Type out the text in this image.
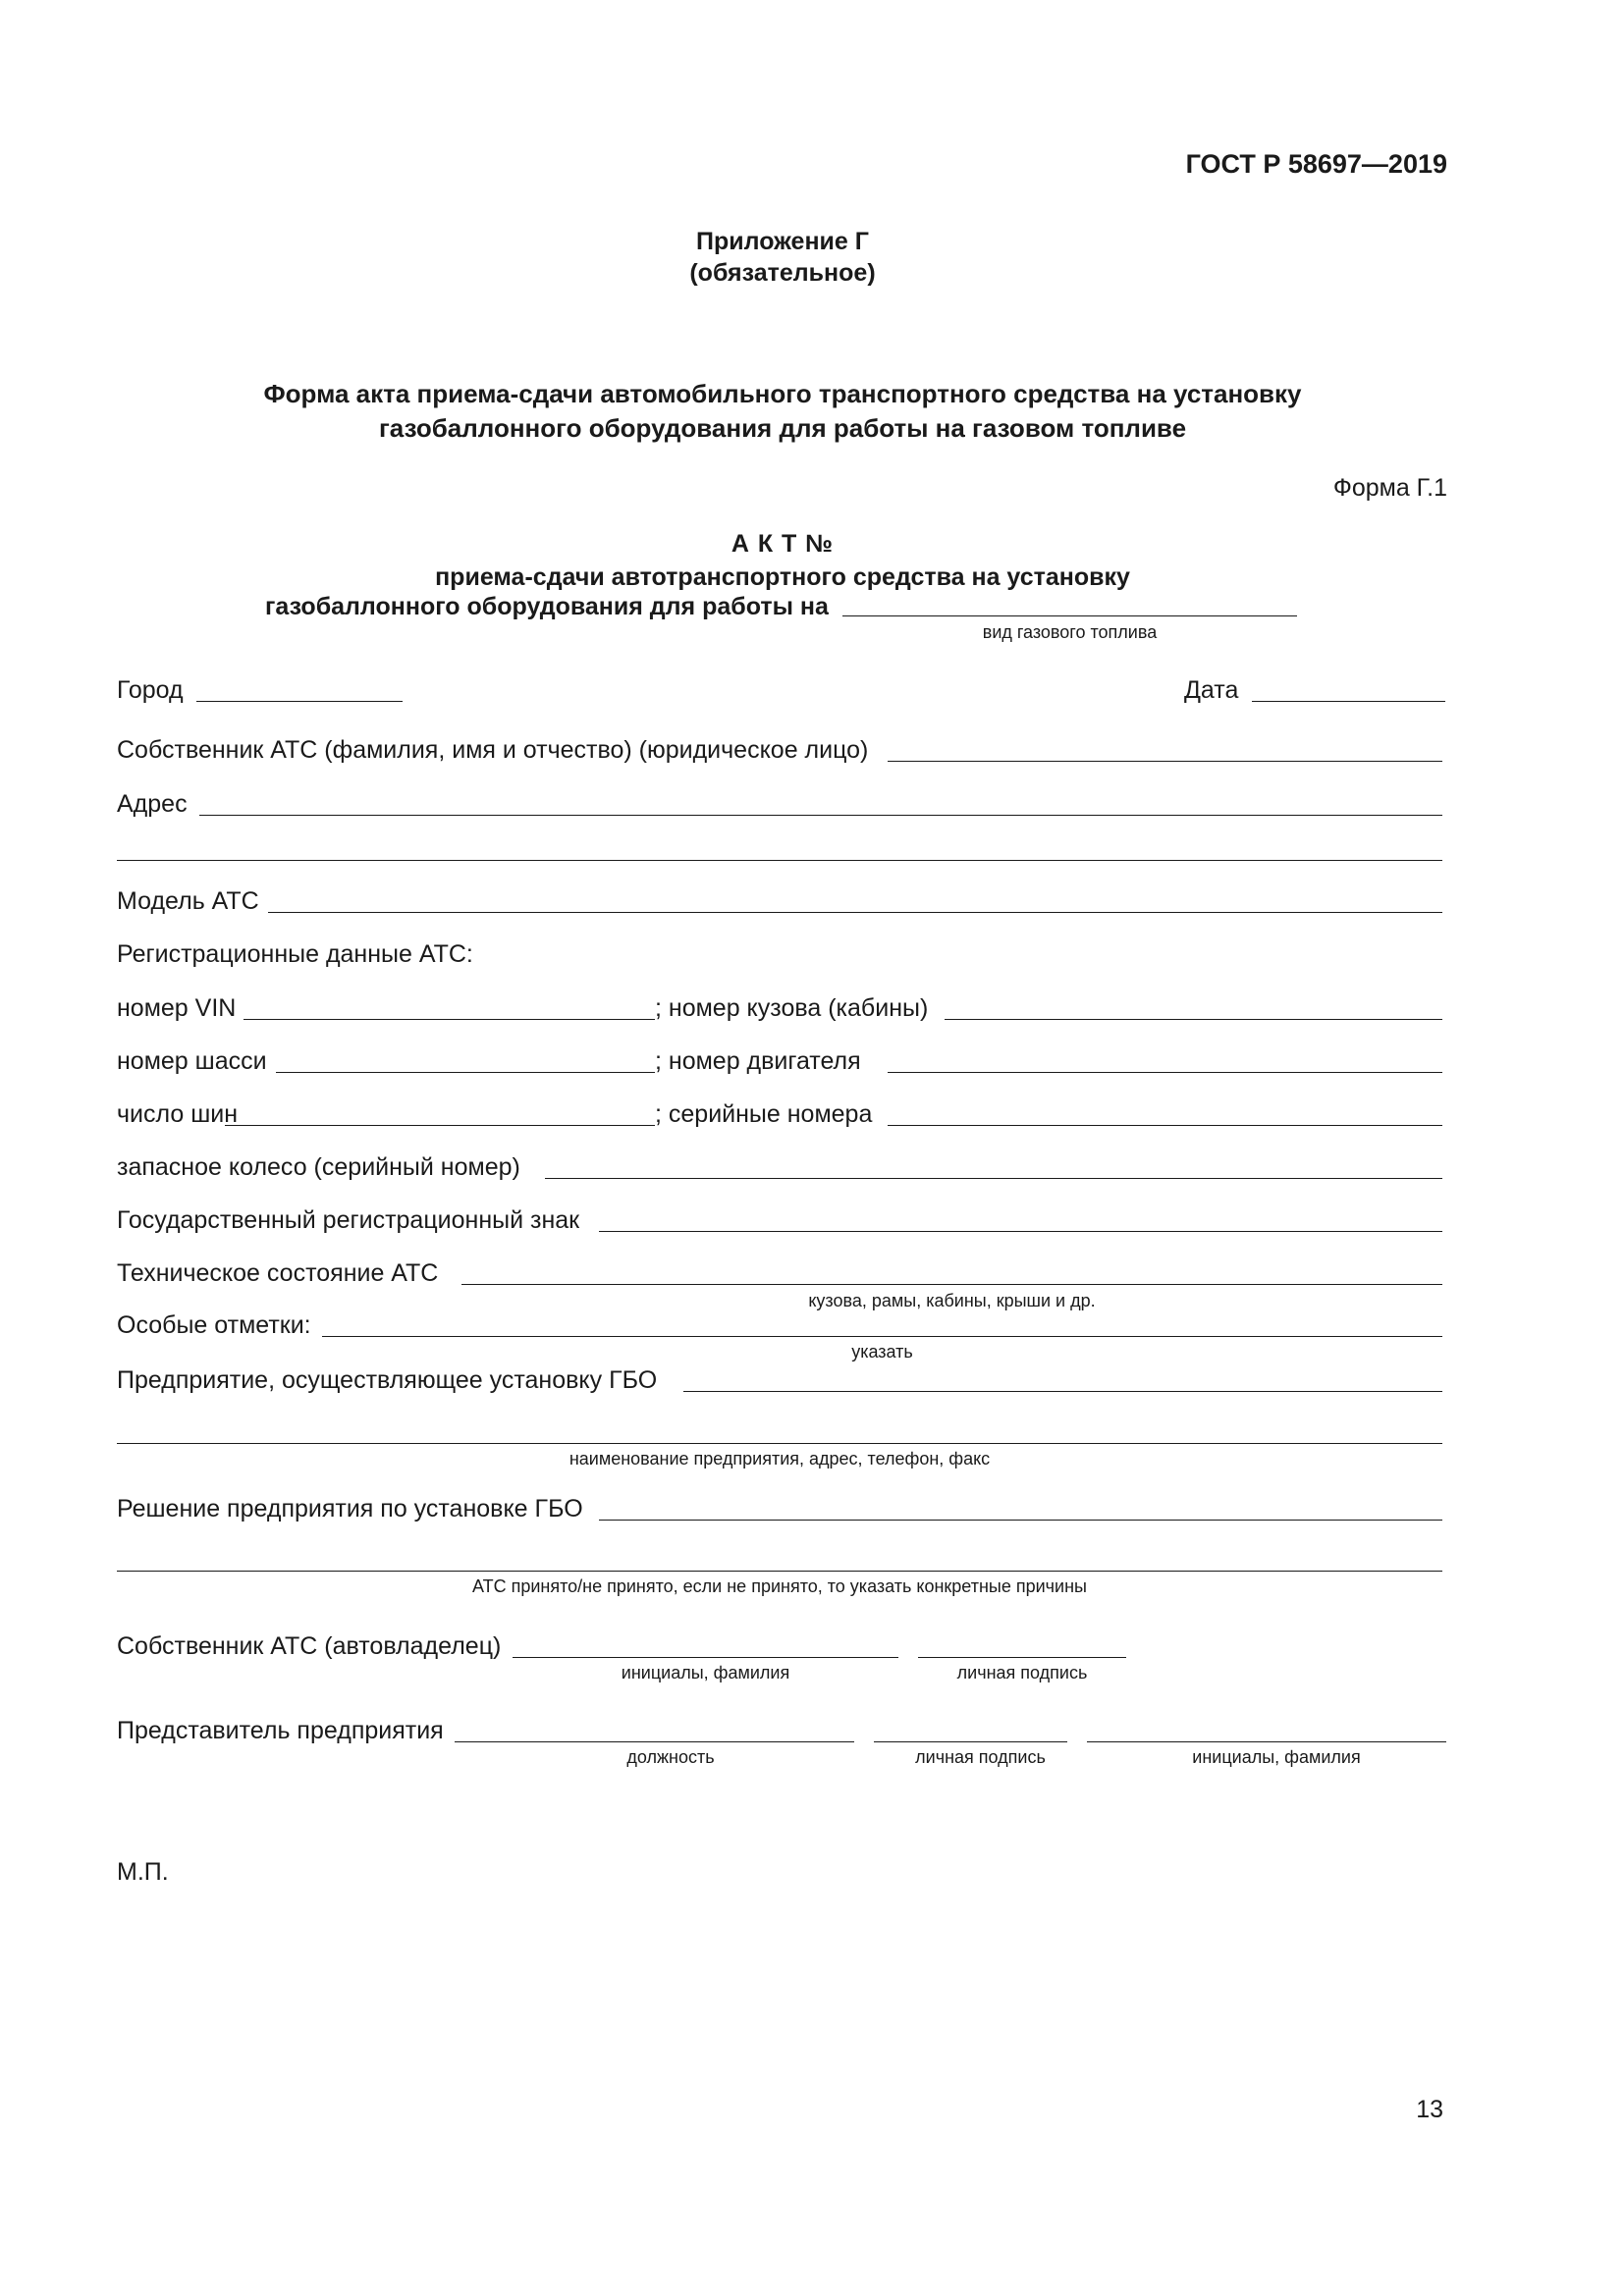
ГОСТ Р 58697—2019
Приложение Г
(обязательное)
Форма акта приема-сдачи автомобильного транспортного средства на установку
газобаллонного оборудования для работы на газовом топливе
Форма Г.1
А К Т №
приема-сдачи автотранспортного средства на установку
газобаллонного оборудования для работы на
вид газового топлива
Город	Дата
Собственник АТС (фамилия, имя и отчество) (юридическое лицо)
Адрес
Модель АТС
Регистрационные данные АТС:
номер VIN	; номер кузова (кабины)
номер шасси	; номер двигателя
число шин	; серийные номера
запасное колесо (серийный номер)
Государственный регистрационный знак
Техническое состояние АТС
кузова, рамы, кабины, крыши и др.
Особые отметки:
указать
Предприятие, осуществляющее установку ГБО
наименование предприятия, адрес, телефон, факс
Решение предприятия по установке ГБО
АТС принято/не принято, если не принято, то указать конкретные причины
Собственник АТС (автовладелец)
инициалы, фамилия	личная подпись
Представитель предприятия
должность	личная подпись	инициалы, фамилия
М.П.
13
